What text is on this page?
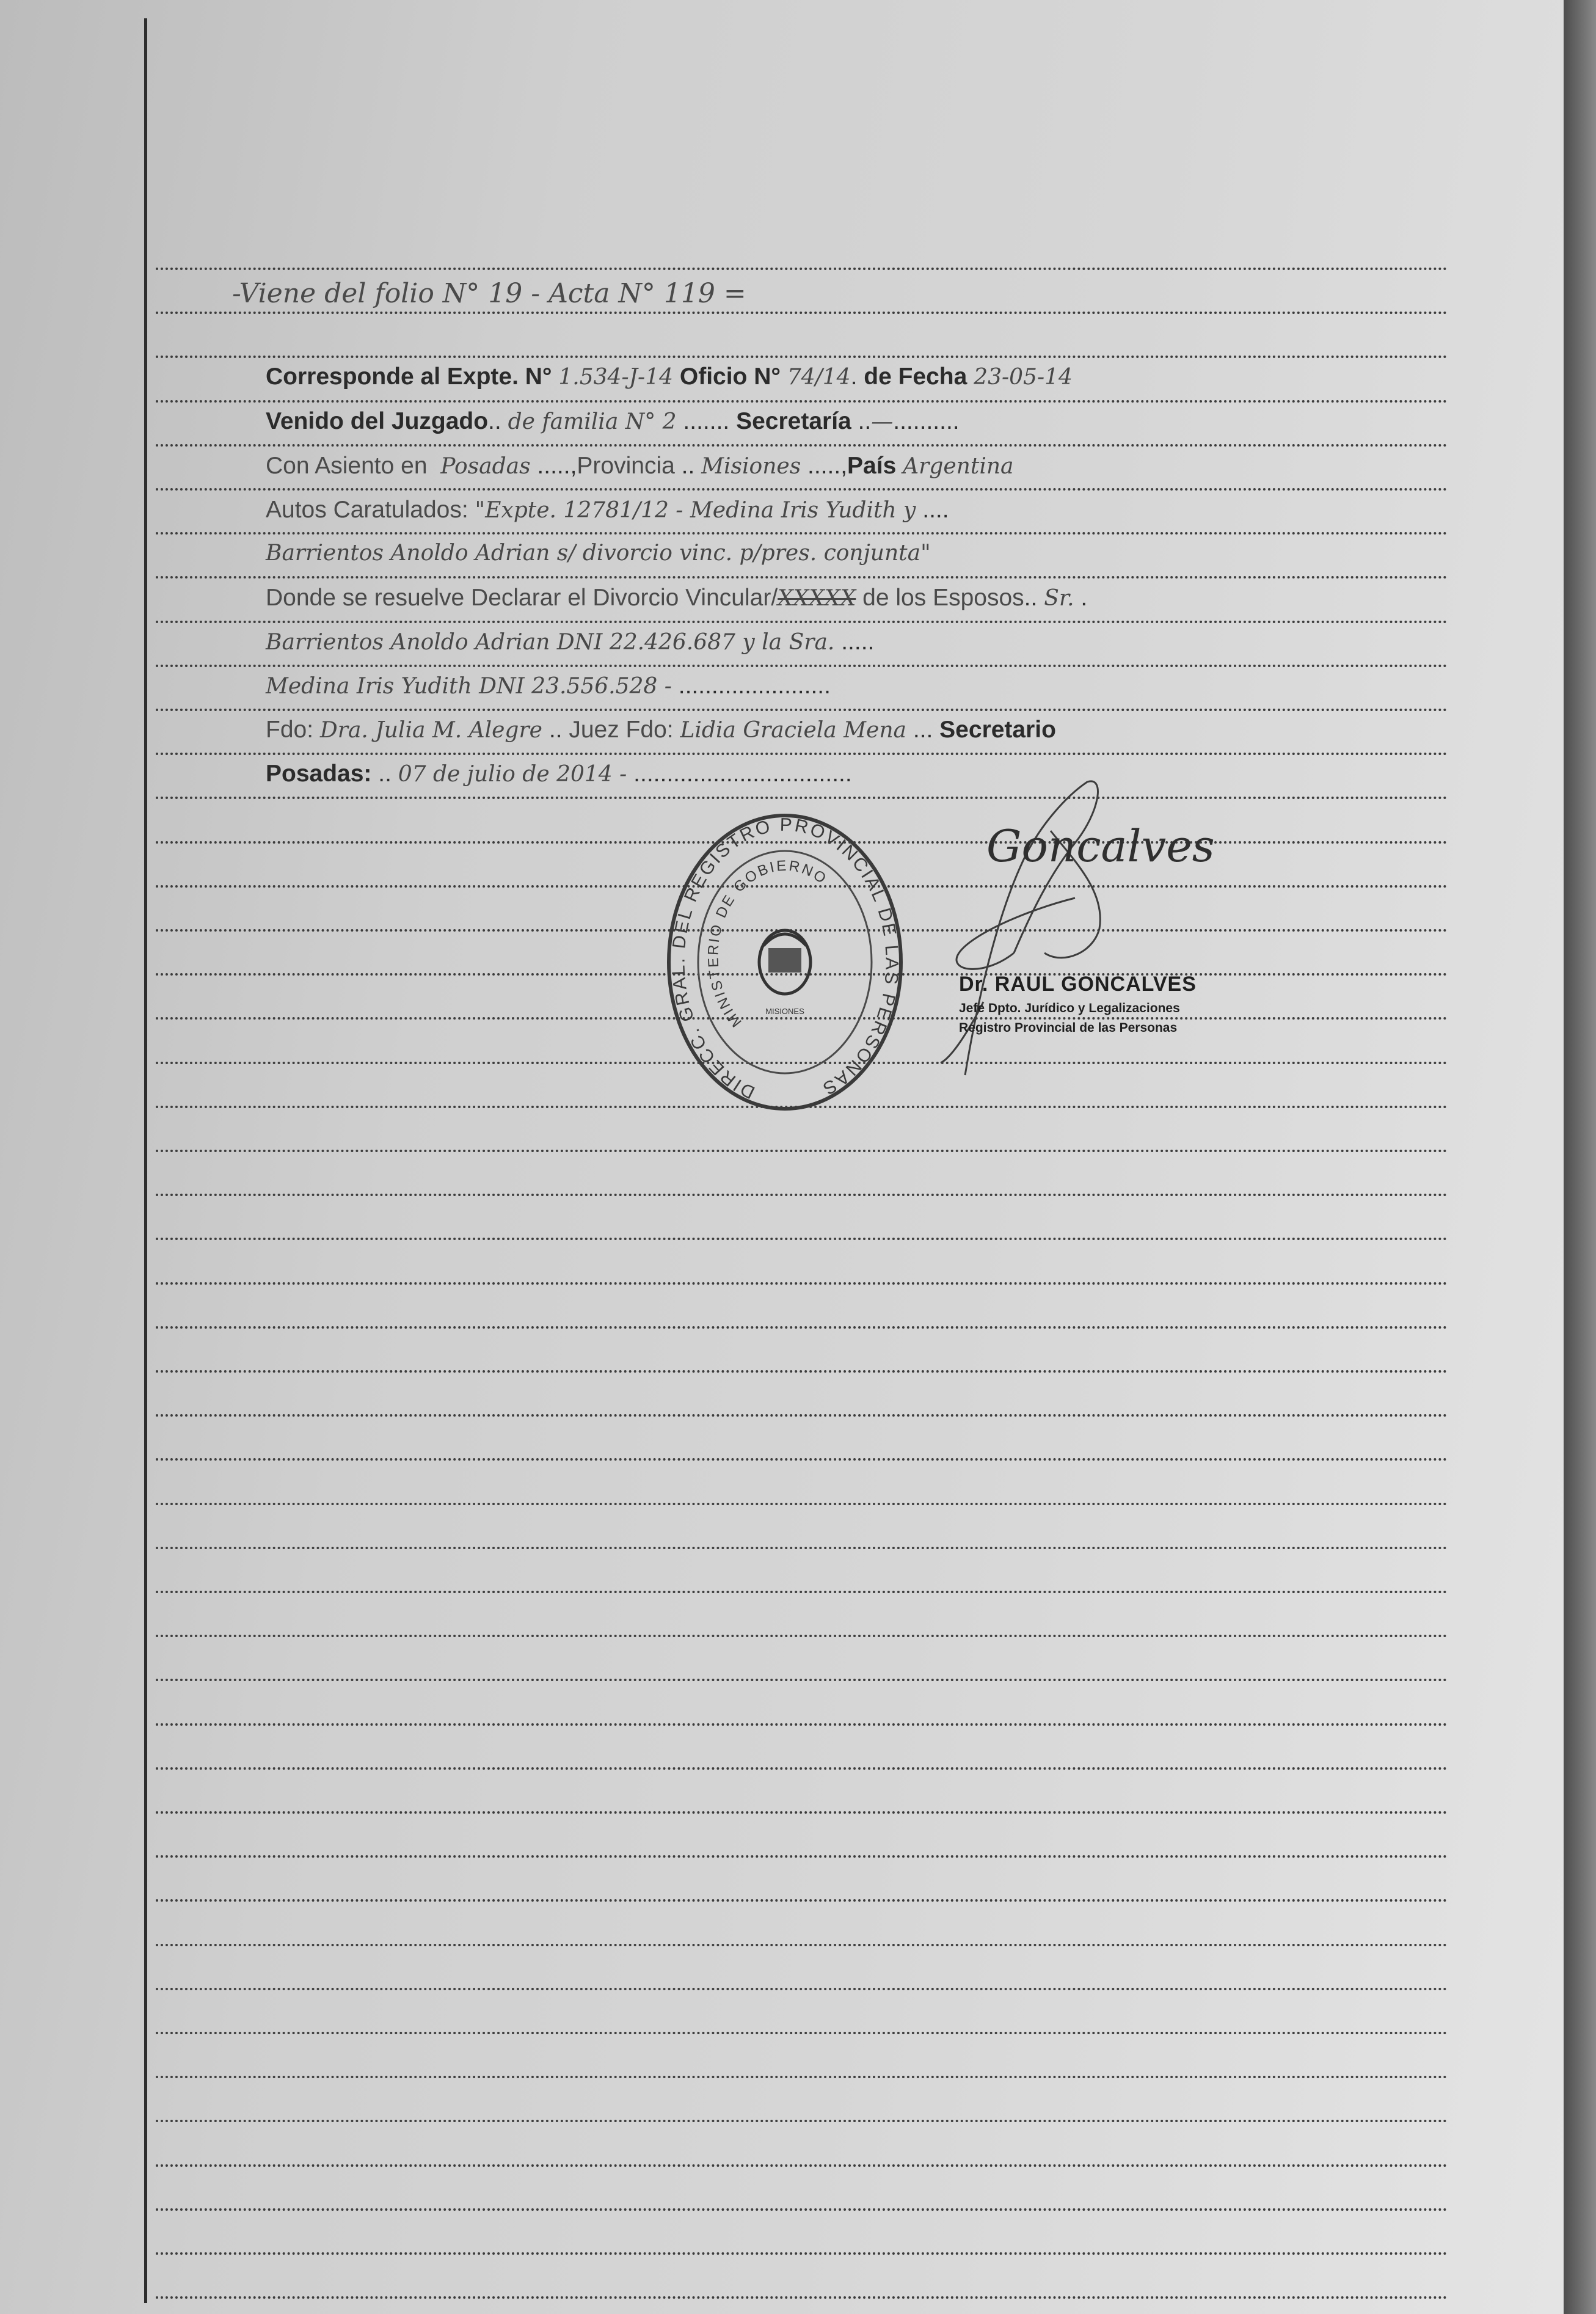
-Viene del folio N° 19 - Acta N° 119 =
Corresponde al Expte. N°
1.534-J-14
Oficio N°
74/14 . de Fecha
23-05-14
Venido del Juzgado .. de familia N° 2 ....... Secretaría .. — ..........
Con Asiento en
Posadas ....., Provincia .. Misiones ....., País
Argentina
Autos Caratulados:
"Expte. 12781/12 - Medina Iris Yudith y ....
Barrientos Anoldo Adrian s/ divorcio vinc. p/pres. conjunta"
Donde se resuelve Declarar el Divorcio Vincular/ XXXXX
de los Esposos .. Sr. .
Barrientos Anoldo Adrian DNI 22.426.687 y la Sra. .....
Medina Iris Yudith DNI 23.556.528 - .......................
Fdo:
Dra. Julia M. Alegre .. Juez Fdo:
Lidia Graciela Mena ... Secretario
Posadas: .. 07 de julio de 2014 - .................................
DIRECC. GRAL. DEL REGISTRO PROVINCIAL DE LAS PERSONAS
MINISTERIO DE GOBIERNO
MISIONES
Goncalves
Dr. RAUL GONCALVES
Jefe Dpto. Jurídico y Legalizaciones
Registro Provincial de las Personas
